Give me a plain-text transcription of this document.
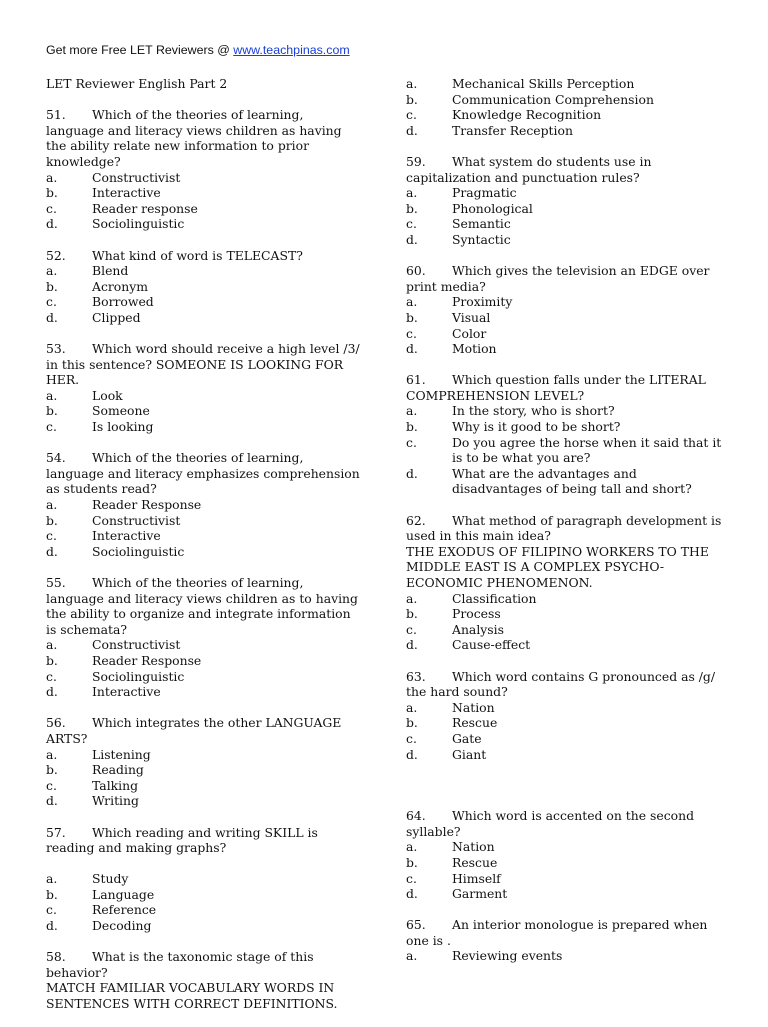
Get more Free LET Reviewers @ www.teachpinas.com
LET Reviewer English Part 2
51. Which of the theories of learning, language and literacy views children as having the ability relate new information to prior knowledge?
a.	Constructivist
b.	Interactive
c.	Reader response
d.	Sociolinguistic
52. What kind of word is TELECAST?
a.	Blend
b.	Acronym
c.	Borrowed
d.	Clipped
53. Which word should receive a high level /3/ in this sentence? SOMEONE IS LOOKING FOR HER.
a.	Look
b.	Someone
c.	Is looking
54. Which of the theories of learning, language and literacy emphasizes comprehension as students read?
a.	Reader Response
b.	Constructivist
c.	Interactive
d.	Sociolinguistic
55. Which of the theories of learning, language and literacy views children as to having the ability to organize and integrate information is schemata?
a.	Constructivist
b.	Reader Response
c.	Sociolinguistic
d.	Interactive
56. Which integrates the other LANGUAGE ARTS?
a.	Listening
b.	Reading
c.	Talking
d.	Writing
57. Which reading and writing SKILL is reading and making graphs?
a.	Study
b.	Language
c.	Reference
d.	Decoding
58. What is the taxonomic stage of this behavior?
MATCH FAMILIAR VOCABULARY WORDS IN SENTENCES WITH CORRECT DEFINITIONS.
a.	Mechanical Skills Perception
b.	Communication Comprehension
c.	Knowledge Recognition
d.	Transfer Reception
59. What system do students use in capitalization and punctuation rules?
a.	Pragmatic
b.	Phonological
c.	Semantic
d.	Syntactic
60. Which gives the television an EDGE over print media?
a.	Proximity
b.	Visual
c.	Color
d.	Motion
61. Which question falls under the LITERAL COMPREHENSION LEVEL?
a.	In the story, who is short?
b.	Why is it good to be short?
c.	Do you agree the horse when it said that it is to be what you are?
d.	What are the advantages and disadvantages of being tall and short?
62. What method of paragraph development is used in this main idea?
THE EXODUS OF FILIPINO WORKERS TO THE MIDDLE EAST IS A COMPLEX PSYCHO-ECONOMIC PHENOMENON.
a.	Classification
b.	Process
c.	Analysis
d.	Cause-effect
63. Which word contains G pronounced as /g/ the hard sound?
a.	Nation
b.	Rescue
c.	Gate
d.	Giant
64. Which word is accented on the second syllable?
a.	Nation
b.	Rescue
c.	Himself
d.	Garment
65. An interior monologue is prepared when one is .
a.	Reviewing events
